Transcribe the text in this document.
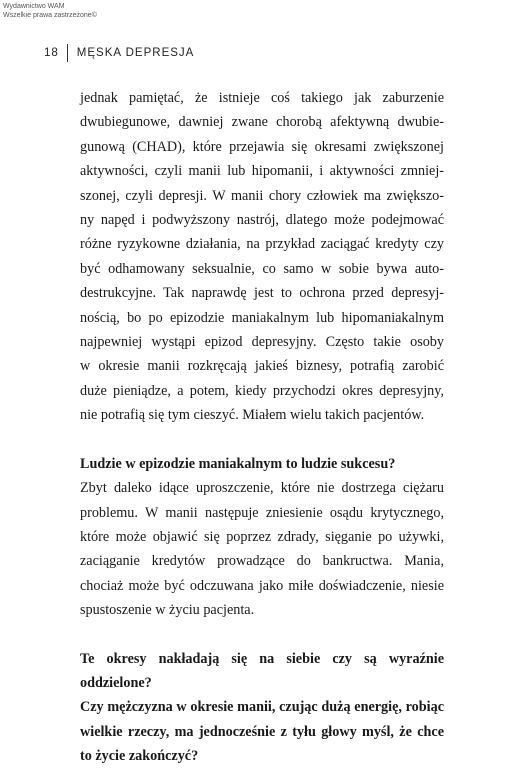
Wydawnictwo WAM
Wszelkie prawa zastrzeżone©
18 MĘSKA DEPRESJA

jednak pamiętać, że istnieje coś takiego jak zaburzenie

dwubiegunowe, dawniej zwane chorobą afektywną dwubie-

gunową (CHAD), które przejawia się okresami zwiększonej

aktywności, czyli manii lub hipomanii, i aktywności zmniej-

szonej, czyli depresji. W manii chory człowiek ma zwiększo-

ny napęd i podwyższony nastrój, dlatego może podejmować

różne ryzykowne działania, na przykład zaciągać kredyty czy

być odhamowany seksualnie, co samo w sobie bywa auto-

destrukcyjne. Tak naprawdę jest to ochrona przed depresyj-

nością, bo po epizodzie maniakalnym lub hipomaniakalnym

najpewniej wystąpi epizod depresyjny. Często takie osoby

w okresie manii rozkręcają jakieś biznesy, potrafią zarobić

duże pieniądze, a potem, kiedy przychodzi okres depresyjny,

nie potrafią się tym cieszyć. Miałem wielu takich pacjentów.

Ludzie w epizodzie maniakalnym to ludzie sukcesu?

Zbyt daleko idące uproszczenie, które nie dostrzega ciężaru

problemu. W manii następuje zniesienie osądu krytycznego,

które może objawić się poprzez zdrady, sięganie po używki,

zaciąganie kredytów prowadzące do bankructwa. Mania,

chociaż może być odczuwana jako miłe doświadczenie, niesie

spustoszenie w życiu pacjenta.

Te okresy nakładają się na siebie czy są wyraźnie oddzielone?

Czy mężczyzna w okresie manii, czując dużą energię, robiąc

wielkie rzeczy, ma jednocześnie z tyłu głowy myśl, że chce

to życie zakończyć?
